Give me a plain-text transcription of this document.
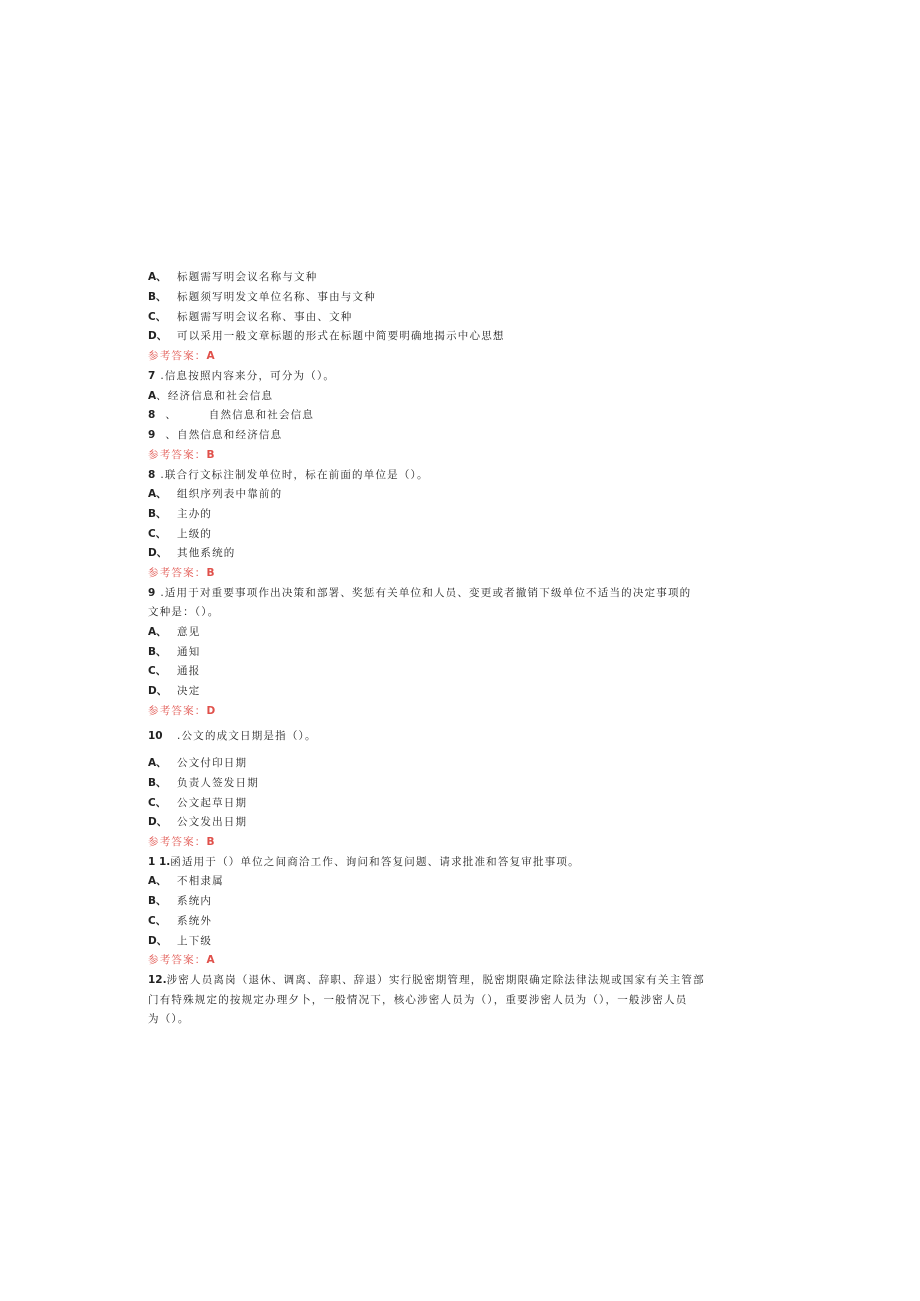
A、 标题需写明会议名称与文种
B、 标题须写明发文单位名称、事由与文种
C、 标题需写明会议名称、事由、文种
D、 可以采用一般文章标题的形式在标题中简要明确地揭示中心思想
参考答案：A
7 .信息按照内容来分，可分为（）。
A、经济信息和社会信息
8 、       自然信息和社会信息
9 、自然信息和经济信息
参考答案：B
8 .联合行文标注制发单位时，标在前面的单位是（）。
A、 组织序列表中靠前的
B、 主办的
C、 上级的
D、 其他系统的
参考答案：B
9 .适用于对重要事项作出决策和部署、奖惩有关单位和人员、变更或者撤销下级单位不适当的决定事项的
文种是：（）。
A、 意见
B、 通知
C、 通报
D、 决定
参考答案：D
10 .公文的成文日期是指（）。
A、 公文付印日期
B、 负责人签发日期
C、 公文起草日期
D、 公文发出日期
参考答案：B
1 1.函适用于（）单位之间商洽工作、询问和答复问题、请求批准和答复审批事项。
A、 不相隶属
B、 系统内
C、 系统外
D、 上下级
参考答案：A
12.涉密人员离岗（退休、调离、辞职、辞退）实行脱密期管理，脱密期限确定除法律法规或国家有关主管部
门有特殊规定的按规定办理夕卜，一般情况下，核心涉密人员为（），重要涉密人员为（），一般涉密人员
为（）。
